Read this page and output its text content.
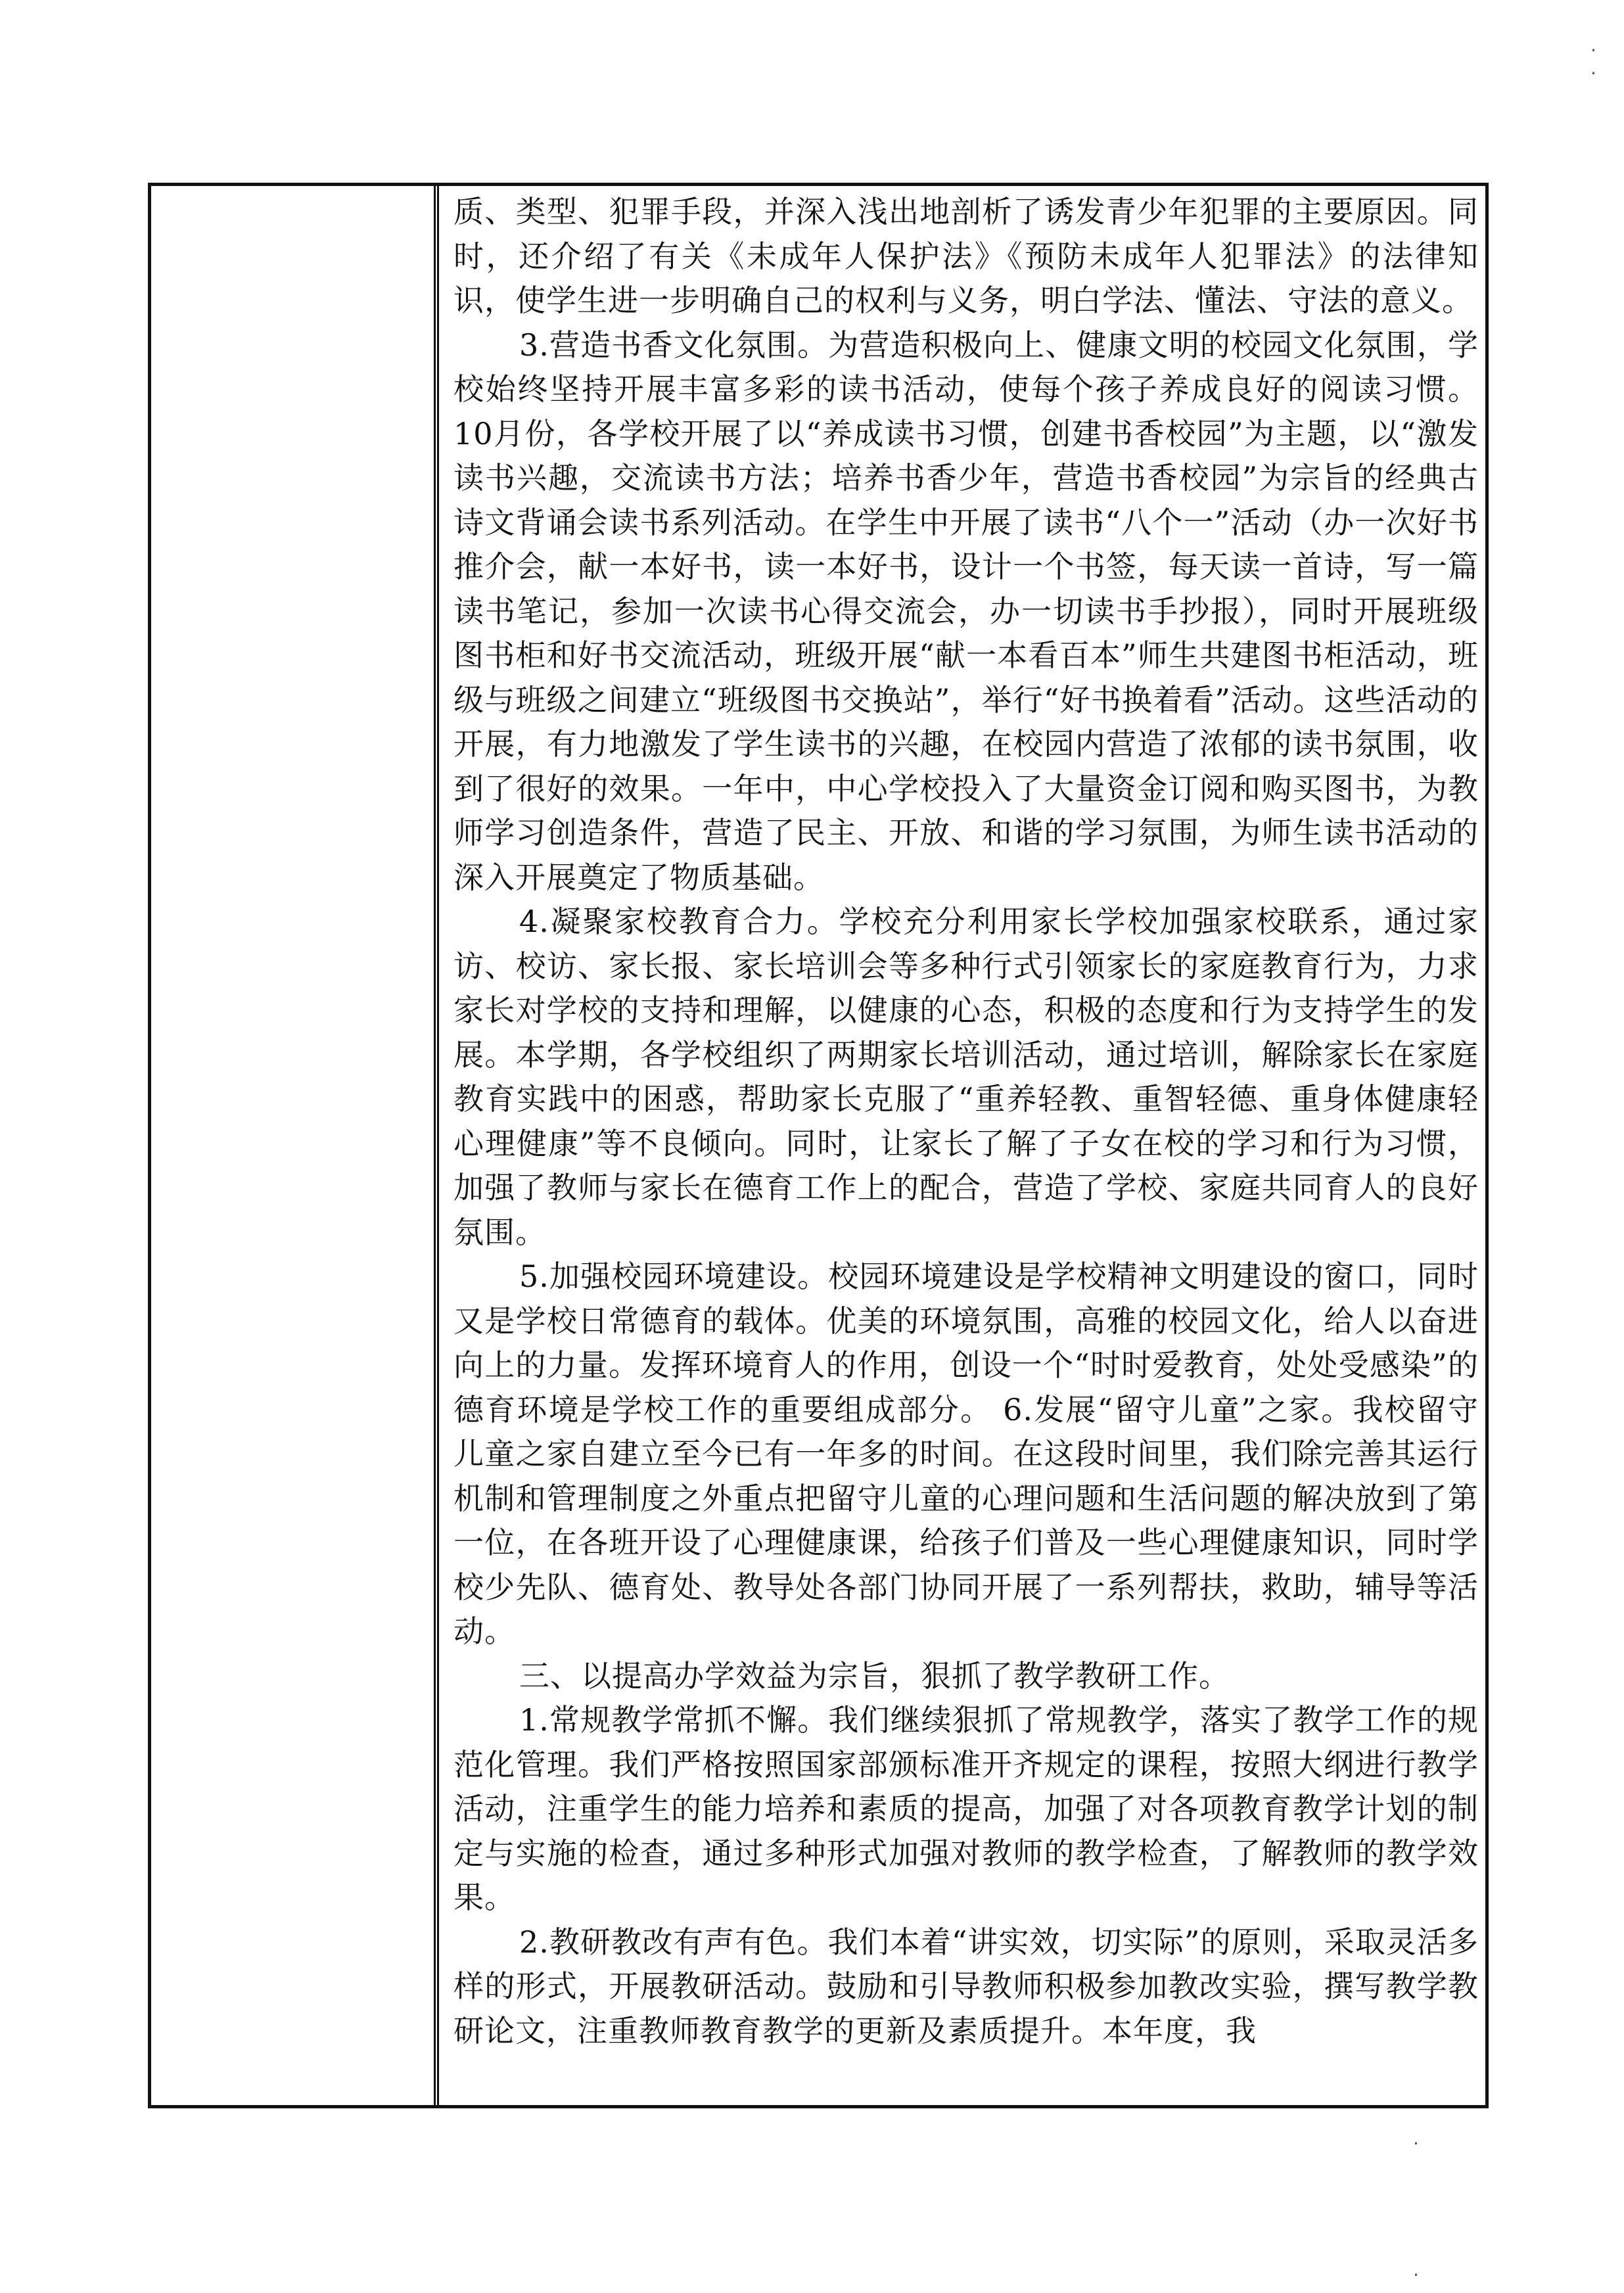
质、类型、犯罪手段，并深入浅出地剖析了诱发青少年犯罪的主要原因。同时，还介绍了有关《未成年人保护法》《预防未成年人犯罪法》的法律知识，使学生进一步明确自己的权利与义务，明白学法、懂法、守法的意义。

3.营造书香文化氛围。为营造积极向上、健康文明的校园文化氛围，学校始终坚持开展丰富多彩的读书活动，使每个孩子养成良好的阅读习惯。10月份，各学校开展了以“养成读书习惯，创建书香校园”为主题，以“激发读书兴趣，交流读书方法；培养书香少年，营造书香校园”为宗旨的经典古诗文背诵会读书系列活动。在学生中开展了读书“八个一”活动（办一次好书推介会，献一本好书，读一本好书，设计一个书签，每天读一首诗，写一篇读书笔记，参加一次读书心得交流会，办一切读书手抄报），同时开展班级图书柜和好书交流活动，班级开展“献一本看百本”师生共建图书柜活动，班级与班级之间建立“班级图书交换站”，举行“好书换着看”活动。这些活动的开展，有力地激发了学生读书的兴趣，在校园内营造了浓郁的读书氛围，收到了很好的效果。一年中，中心学校投入了大量资金订阅和购买图书，为教师学习创造条件，营造了民主、开放、和谐的学习氛围，为师生读书活动的深入开展奠定了物质基础。

4.凝聚家校教育合力。学校充分利用家长学校加强家校联系，通过家访、校访、家长报、家长培训会等多种行式引领家长的家庭教育行为，力求家长对学校的支持和理解，以健康的心态，积极的态度和行为支持学生的发展。本学期，各学校组织了两期家长培训活动，通过培训，解除家长在家庭教育实践中的困惑，帮助家长克服了“重养轻教、重智轻德、重身体健康轻心理健康”等不良倾向。同时，让家长了解了子女在校的学习和行为习惯，加强了教师与家长在德育工作上的配合，营造了学校、家庭共同育人的良好氛围。

5.加强校园环境建设。校园环境建设是学校精神文明建设的窗口，同时又是学校日常德育的载体。优美的环境氛围，高雅的校园文化，给人以奋进向上的力量。发挥环境育人的作用，创设一个“时时爱教育，处处受感染”的德育环境是学校工作的重要组成部分。 6.发展“留守儿童”之家。我校留守儿童之家自建立至今已有一年多的时间。在这段时间里，我们除完善其运行机制和管理制度之外重点把留守儿童的心理问题和生活问题的解决放到了第一位，在各班开设了心理健康课，给孩子们普及一些心理健康知识，同时学校少先队、德育处、教导处各部门协同开展了一系列帮扶，救助，辅导等活动。

三、以提高办学效益为宗旨，狠抓了教学教研工作。

1.常规教学常抓不懈。我们继续狠抓了常规教学，落实了教学工作的规范化管理。我们严格按照国家部颁标准开齐规定的课程，按照大纲进行教学活动，注重学生的能力培养和素质的提高，加强了对各项教育教学计划的制定与实施的检查，通过多种形式加强对教师的教学检查，了解教师的教学效果。

2.教研教改有声有色。我们本着“讲实效，切实际”的原则，采取灵活多样的形式，开展教研活动。鼓励和引导教师积极参加教改实验，撰写教学教研论文，注重教师教育教学的更新及素质提升。本年度，我

·
·
·
·
